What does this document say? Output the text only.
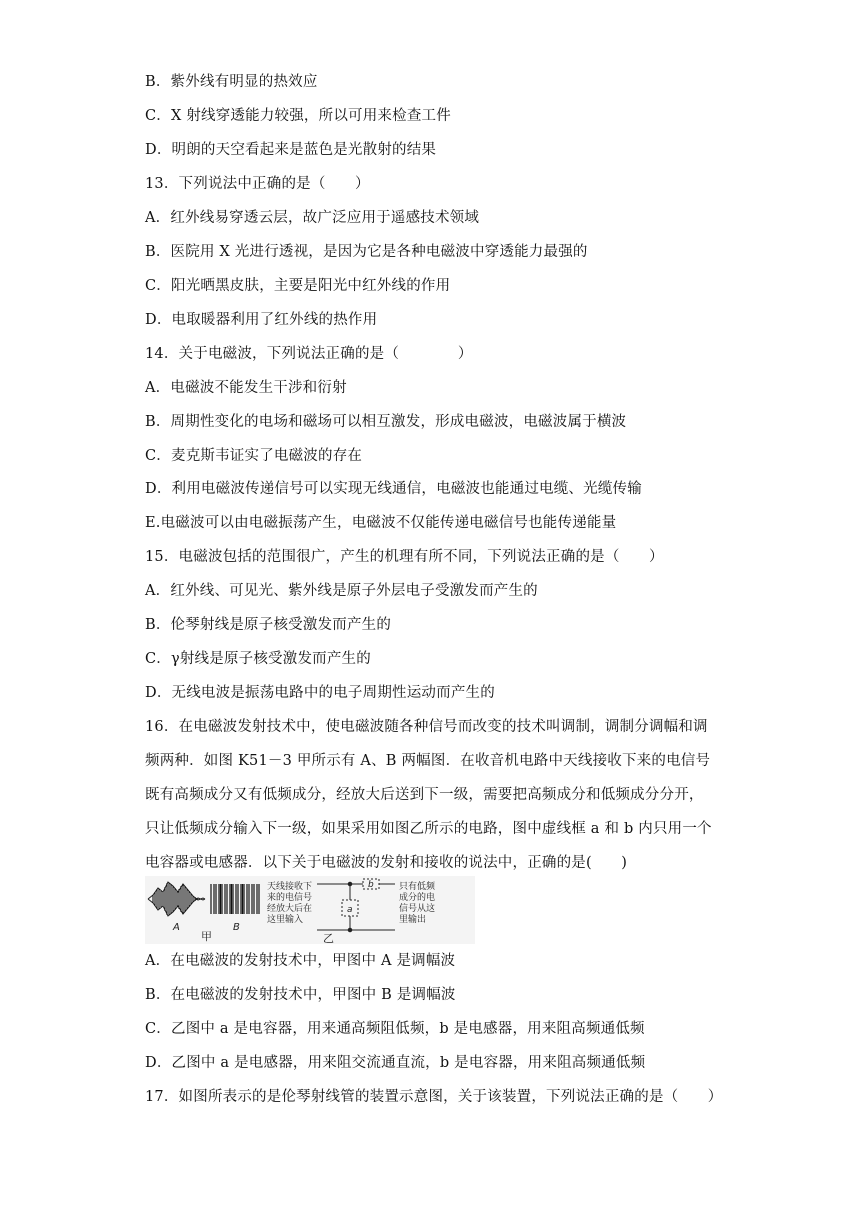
B．紫外线有明显的热效应
C．X 射线穿透能力较强，所以可用来检查工件
D．明朗的天空看起来是蓝色是光散射的结果
13．下列说法中正确的是（　　）
A．红外线易穿透云层，故广泛应用于遥感技术领域
B．医院用 X 光进行透视，是因为它是各种电磁波中穿透能力最强的
C．阳光晒黑皮肤，主要是阳光中红外线的作用
D．电取暖器利用了红外线的热作用
14．关于电磁波，下列说法正确的是（　　　　）
A．电磁波不能发生干涉和衍射
B．周期性变化的电场和磁场可以相互激发，形成电磁波，电磁波属于横波
C．麦克斯韦证实了电磁波的存在
D．利用电磁波传递信号可以实现无线通信，电磁波也能通过电缆、光缆传输
E.电磁波可以由电磁振荡产生，电磁波不仅能传递电磁信号也能传递能量
15．电磁波包括的范围很广，产生的机理有所不同，下列说法正确的是（　　）
A．红外线、可见光、紫外线是原子外层电子受激发而产生的
B．伦琴射线是原子核受激发而产生的
C．γ射线是原子核受激发而产生的
D．无线电波是振荡电路中的电子周期性运动而产生的
16．在电磁波发射技术中，使电磁波随各种信号而改变的技术叫调制，调制分调幅和调
频两种．如图 K51－3 甲所示有 A、B 两幅图．在收音机电路中天线接收下来的电信号
既有高频成分又有低频成分，经放大后送到下一级，需要把高频成分和低频成分分开，
只让低频成分输入下一级，如果采用如图乙所示的电路，图中虚线框 a 和 b 内只用一个
电容器或电感器．以下关于电磁波的发射和接收的说法中，正确的是(　　)
A	B
甲
天线接收下
来的电信号
经放大后在
这里输入
a
b
乙
只有低频
成分的电
信号从这
里输出
A．在电磁波的发射技术中，甲图中 A 是调幅波
B．在电磁波的发射技术中，甲图中 B 是调幅波
C．乙图中 a 是电容器，用来通高频阻低频，b 是电感器，用来阻高频通低频
D．乙图中 a 是电感器，用来阻交流通直流，b 是电容器，用来阻高频通低频
17．如图所表示的是伦琴射线管的装置示意图，关于该装置，下列说法正确的是（　　）
